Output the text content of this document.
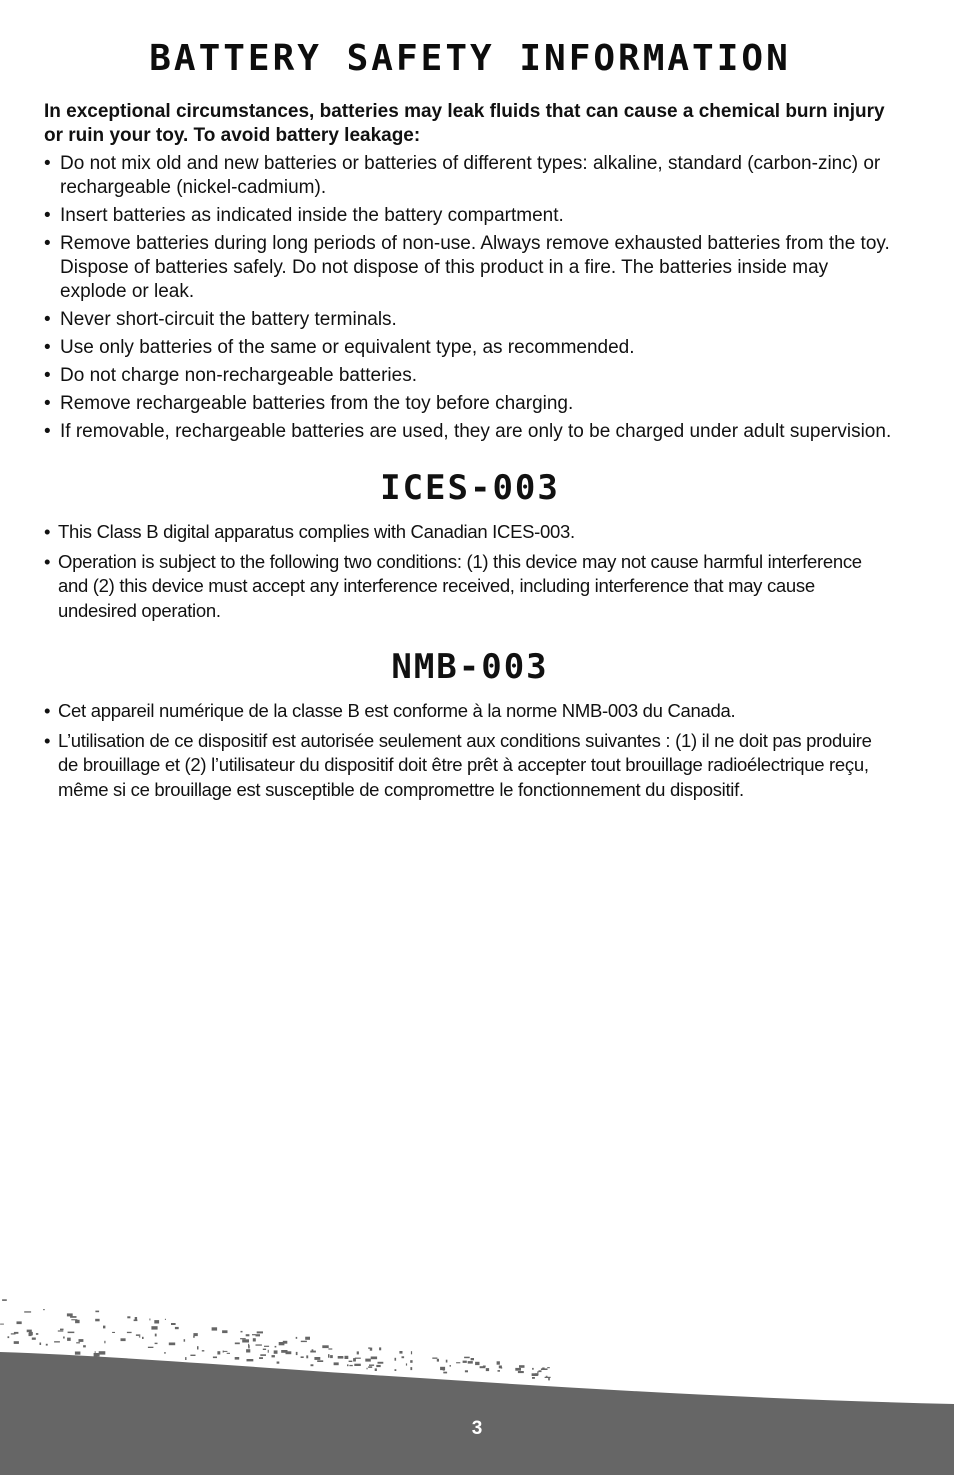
BATTERY SAFETY INFORMATION

In exceptional circumstances, batteries may leak fluids that can cause a chemical burn injury or ruin your toy. To avoid battery leakage:

• Do not mix old and new batteries or batteries of different types: alkaline, standard (carbon-zinc) or rechargeable (nickel-cadmium).
• Insert batteries as indicated inside the battery compartment.
• Remove batteries during long periods of non-use. Always remove exhausted batteries from the toy. Dispose of batteries safely. Do not dispose of this product in a fire. The batteries inside may explode or leak.
• Never short-circuit the battery terminals.
• Use only batteries of the same or equivalent type, as recommended.
• Do not charge non-rechargeable batteries.
• Remove rechargeable batteries from the toy before charging.
• If removable, rechargeable batteries are used, they are only to be charged under adult supervision.
ICES-003
• This Class B digital apparatus complies with Canadian ICES-003.
• Operation is subject to the following two conditions: (1) this device may not cause harmful interference and (2) this device must accept any interference received, including interference that may cause undesired operation.
NMB-003
• Cet appareil numérique de la classe B est conforme à la norme NMB-003 du Canada.
• L’utilisation de ce dispositif est autorisée seulement aux conditions suivantes : (1) il ne doit pas produire de brouillage et (2) l’utilisateur du dispositif doit être prêt à accepter tout brouillage radioélectrique reçu, même si ce brouillage est susceptible de compromettre le fonctionnement du dispositif.
3
